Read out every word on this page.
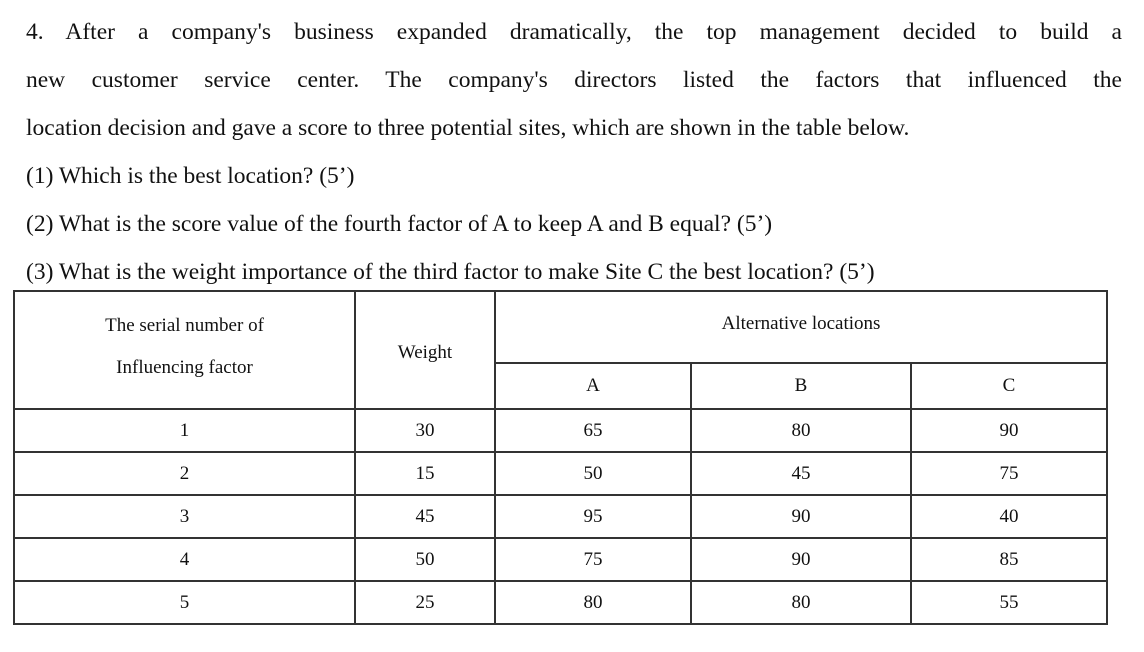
4. After a company's business expanded dramatically, the top management decided to build a

new customer service center. The company's directors listed the factors that influenced the

location decision and gave a score to three potential sites, which are shown in the table below.

(1) Which is the best location? (5’)

(2) What is the score value of the fourth factor of A to keep A and B equal? (5’)

(3) What is the weight importance of the third factor to make Site C the best location? (5’)

The serial number of
Influencing factor	Weight	Alternative locations		
		A	B	C
1	30	65	80	90
2	15	50	45	75
3	45	95	90	40
4	50	75	90	85
5	25	80	80	55
